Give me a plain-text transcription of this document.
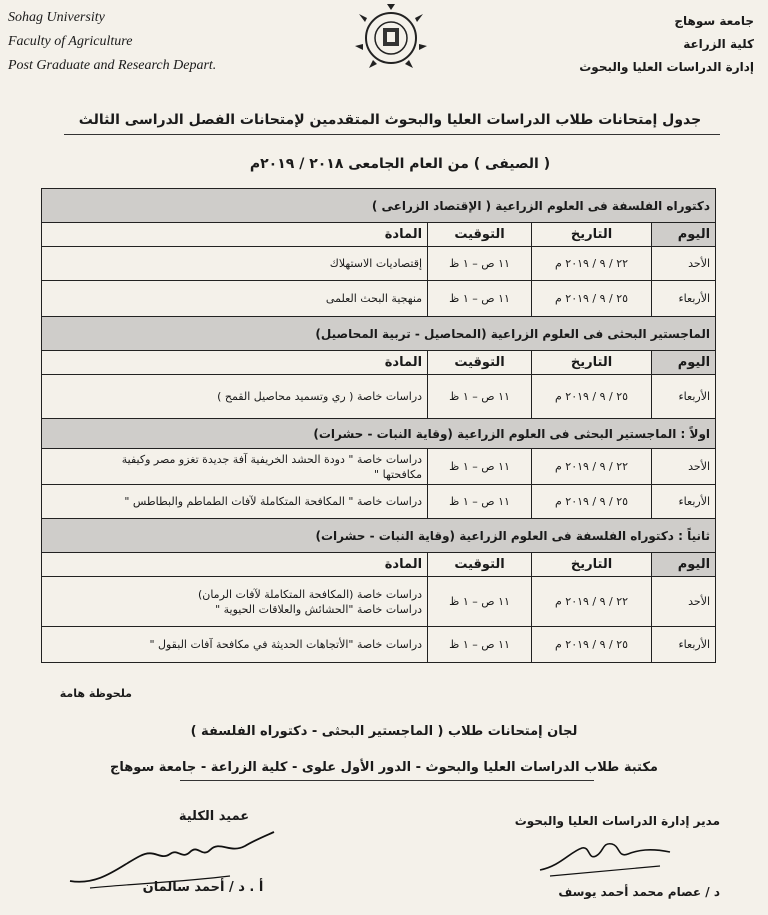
Sohag University
Faculty of Agriculture
Post Graduate and Research Depart.
جامعة سوهاج
كلية الزراعة
إدارة الدراسات العليا والبحوث
جدول إمتحانات طلاب الدراسات العليا والبحوث المتقدمين لإمتحانات الفصل الدراسى الثالث
( الصيفى ) من العام الجامعى ٢٠١٨ / ٢٠١٩م
دكتوراه الفلسفة فى العلوم الزراعية ( الإقتصاد الزراعى )			
اليوم	التاريخ	التوقيت	المادة
الأحد	٢٢ / ٩ / ٢٠١٩ م	١١ ص – ١ ظ	إقتصاديات الاستهلاك

الأربعاء	٢٥ / ٩ / ٢٠١٩ م	١١ ص – ١ ظ	منهجية البحث العلمى

الماجستير البحثى فى العلوم الزراعية (المحاصيل - تربية المحاصيل)			
اليوم	التاريخ	التوقيت	المادة
الأربعاء	٢٥ / ٩ / ٢٠١٩ م	١١ ص – ١ ظ	دراسات خاصة ( ري وتسميد محاصيل القمح )

اولاً : الماجستير البحثى فى العلوم الزراعية (وقاية النبات - حشرات)			
الأحد	٢٢ / ٩ / ٢٠١٩ م	١١ ص – ١ ظ	دراسات خاصة " دودة الحشد الخريفية آفة جديدة تغزو مصر وكيفية
مكافحتها "

الأربعاء	٢٥ / ٩ / ٢٠١٩ م	١١ ص – ١ ظ	دراسات خاصة " المكافحة المتكاملة لآفات الطماطم والبطاطس "

ثانياً : دكتوراه الفلسفة فى العلوم الزراعية (وقاية النبات - حشرات)			
اليوم	التاريخ	التوقيت	المادة
الأحد	٢٢ / ٩ / ٢٠١٩ م	١١ ص – ١ ظ	دراسات خاصة (المكافحة المتكاملة لآفات الرمان)
دراسات خاصة "الحشائش والعلاقات الحيوية "

الأربعاء	٢٥ / ٩ / ٢٠١٩ م	١١ ص – ١ ظ	دراسات خاصة "الأتجاهات الحديثة في مكافحة آفات البقول "
ملحوظة هامة
لجان إمتحانات طلاب ( الماجستير البحثى - دكتوراه الفلسفة )
مكتبة طلاب الدراسات العليا والبحوث - الدور الأول علوى - كلية الزراعة - جامعة سوهاج
عميد الكلية
أ . د / أحمد سالمان
مدير إدارة الدراسات العليا والبحوث
د / عصام محمد أحمد يوسف
